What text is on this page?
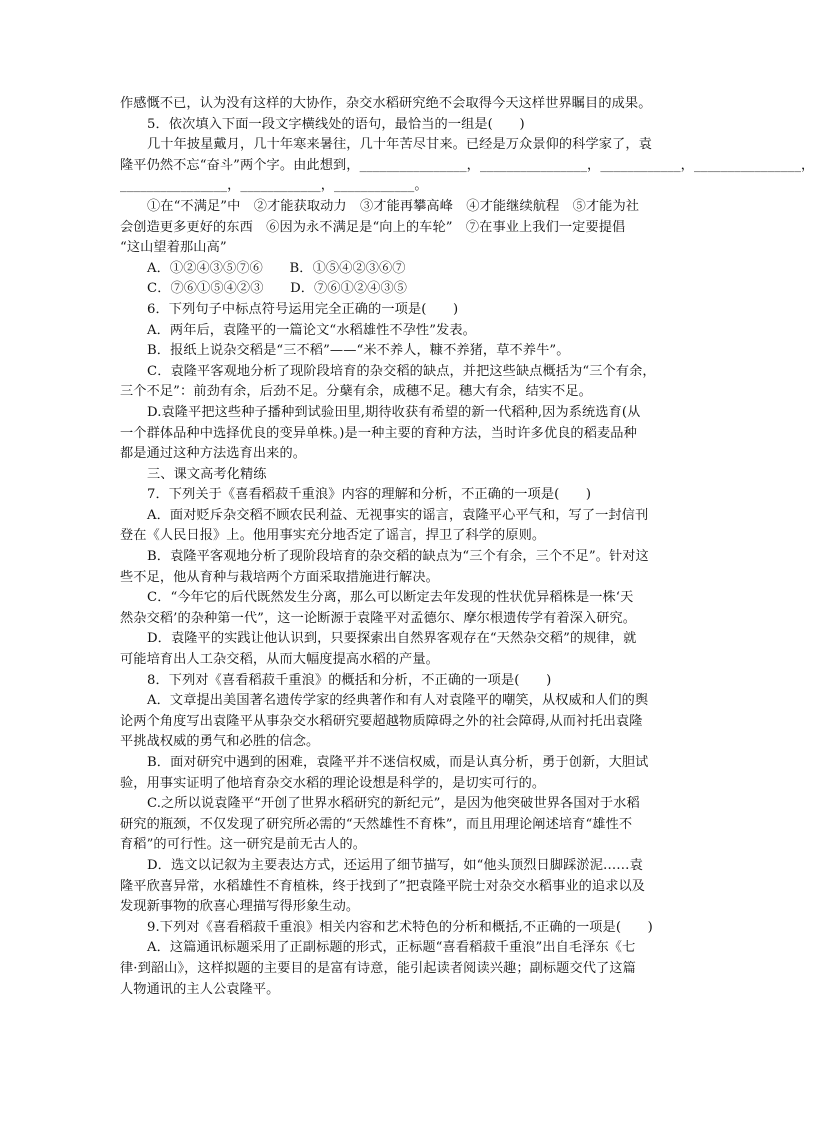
作感慨不已，认为没有这样的大协作，杂交水稻研究绝不会取得今天这样世界瞩目的成果。
5．依次填入下面一段文字横线处的语句，最恰当的一组是(　　)
几十年披星戴月，几十年寒来暑往，几十年苦尽甘来。已经是万众景仰的科学家了，袁
隆平仍然不忘“奋斗”两个字。由此想到，________________，________________，____________，________________，
________________，____________，____________。
①在“不满足”中　②才能获取动力　③才能再攀高峰　④才能继续航程　⑤才能为社
会创造更多更好的东西　⑥因为永不满足是“向上的车轮”　⑦在事业上我们一定要提倡
“这山望着那山高”
A．①②④③⑤⑦⑥　　B．①⑤④②③⑥⑦
C．⑦⑥①⑤④②③　　D．⑦⑥①②④③⑤
6．下列句子中标点符号运用完全正确的一项是(　　)
A．两年后，袁隆平的一篇论文“水稻雄性不孕性”发表。
B．报纸上说杂交稻是“三不稻”——“米不养人，糠不养猪，草不养牛”。
C．袁隆平客观地分析了现阶段培育的杂交稻的缺点，并把这些缺点概括为“三个有余，
三个不足”：前劲有余，后劲不足。分蘖有余，成穗不足。穗大有余，结实不足。
D.袁隆平把这些种子播种到试验田里,期待收获有希望的新一代稻种,因为系统选育(从
一个群体品种中选择优良的变异单株。)是一种主要的育种方法，当时许多优良的稻麦品种
都是通过这种方法选育出来的。
三、课文高考化精练
7．下列关于《喜看稻菽千重浪》内容的理解和分析，不正确的一项是(　　)
A．面对贬斥杂交稻不顾农民利益、无视事实的谣言，袁隆平心平气和，写了一封信刊
登在《人民日报》上。他用事实充分地否定了谣言，捍卫了科学的原则。
B．袁隆平客观地分析了现阶段培育的杂交稻的缺点为“三个有余，三个不足”。针对这
些不足，他从育种与栽培两个方面采取措施进行解决。
C．“今年它的后代既然发生分离，那么可以断定去年发现的性状优异稻株是一株‘天
然杂交稻’的杂种第一代”，这一论断源于袁隆平对孟德尔、摩尔根遗传学有着深入研究。
D．袁隆平的实践让他认识到，只要探索出自然界客观存在“天然杂交稻”的规律，就
可能培育出人工杂交稻，从而大幅度提高水稻的产量。
8．下列对《喜看稻菽千重浪》的概括和分析，不正确的一项是(　　)
A．文章提出美国著名遗传学家的经典著作和有人对袁隆平的嘲笑，从权威和人们的舆
论两个角度写出袁隆平从事杂交水稻研究要超越物质障碍之外的社会障碍,从而衬托出袁隆
平挑战权威的勇气和必胜的信念。
B．面对研究中遇到的困难，袁隆平并不迷信权威，而是认真分析，勇于创新，大胆试
验，用事实证明了他培育杂交水稻的理论设想是科学的，是切实可行的。
C.之所以说袁隆平“开创了世界水稻研究的新纪元”，是因为他突破世界各国对于水稻
研究的瓶颈，不仅发现了研究所必需的“天然雄性不育株”，而且用理论阐述培育“雄性不
育稻”的可行性。这一研究是前无古人的。
D．选文以记叙为主要表达方式，还运用了细节描写，如“他头顶烈日脚踩淤泥……袁
隆平欣喜异常，水稻雄性不育植株，终于找到了”把袁隆平院士对杂交水稻事业的追求以及
发现新事物的欣喜心理描写得形象生动。
9.下列对《喜看稻菽千重浪》相关内容和艺术特色的分析和概括,不正确的一项是(　　)
A．这篇通讯标题采用了正副标题的形式，正标题“喜看稻菽千重浪”出自毛泽东《七
律·到韶山》，这样拟题的主要目的是富有诗意，能引起读者阅读兴趣；副标题交代了这篇
人物通讯的主人公袁隆平。
